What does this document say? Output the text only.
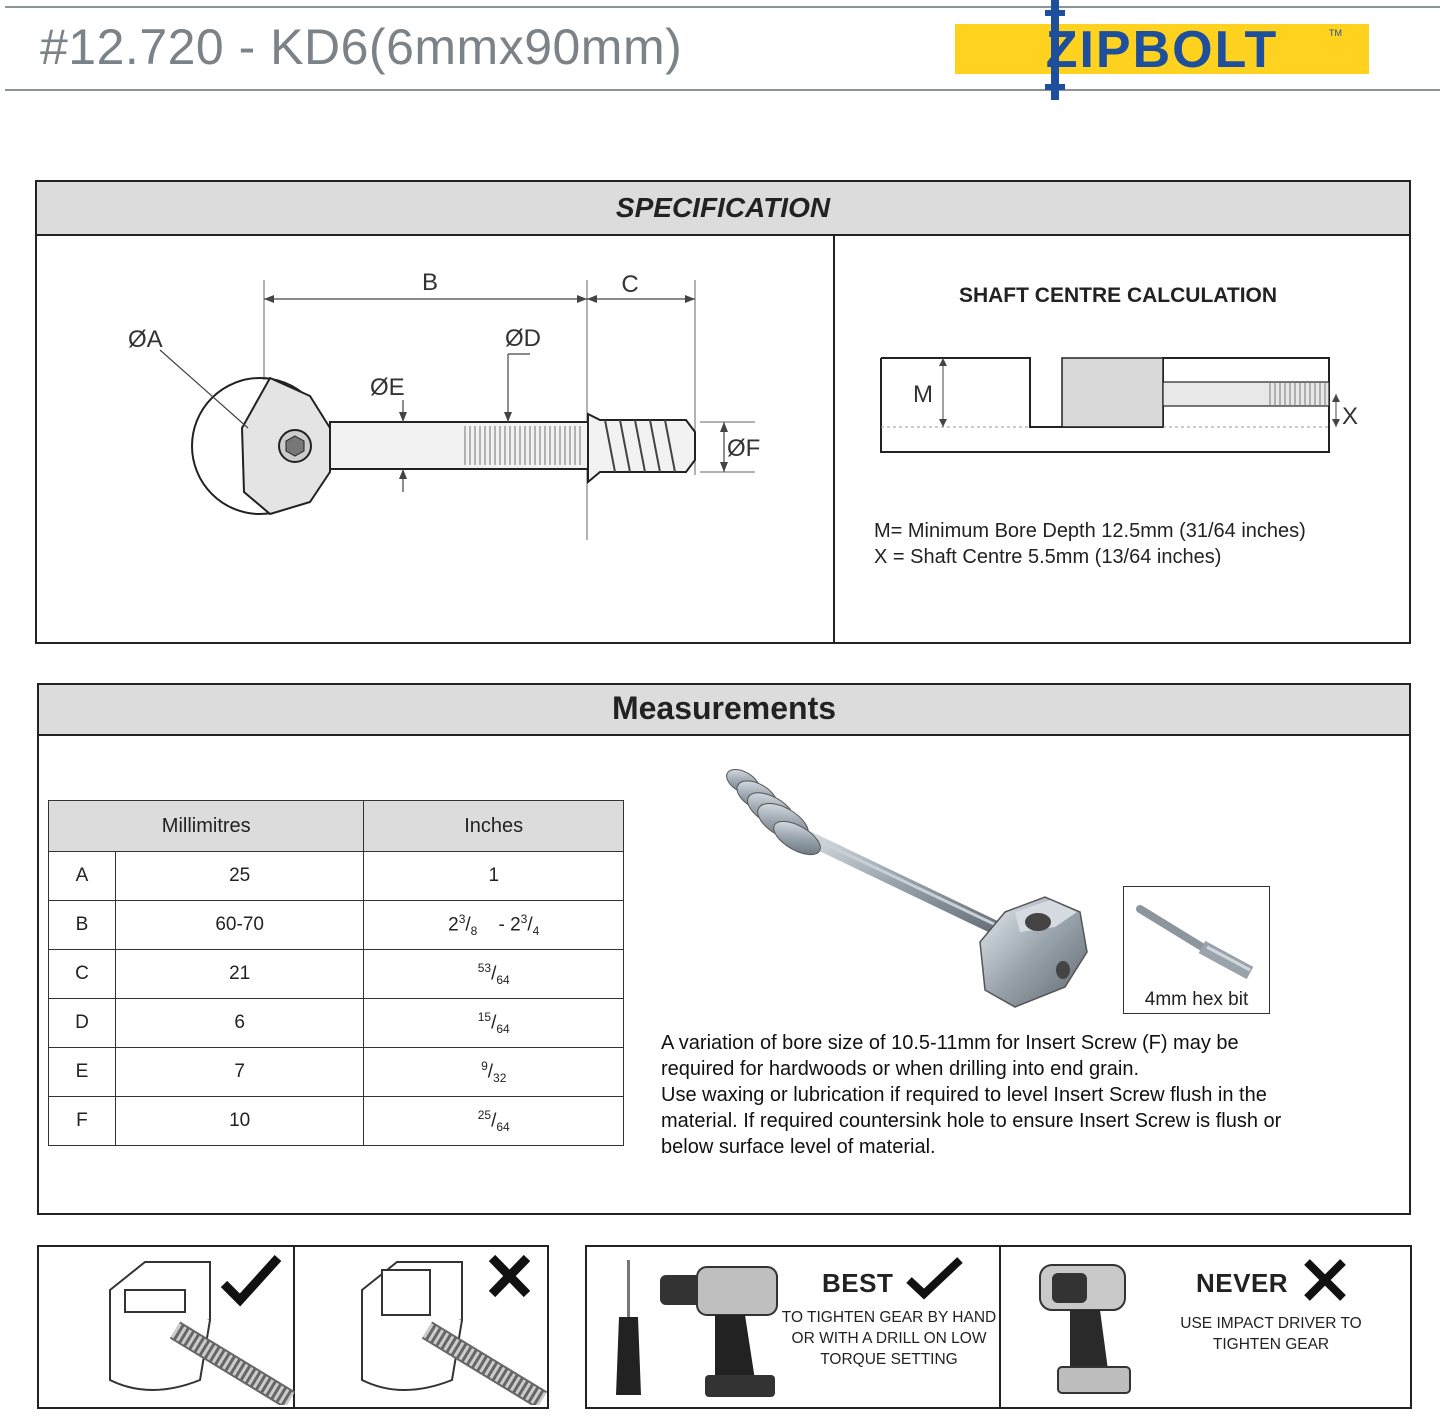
#12.720 - KD6(6mmx90mm)	ZIPBOLT	TM
SPECIFICATION
B	C
ØA	ØD
ØE
ØF
SHAFT CENTRE CALCULATION
M
X
M= Minimum Bore Depth 12.5mm (31/64 inches)
X = Shaft Centre 5.5mm (13/64 inches)
Measurements
Millimitres		Inches
A	25	1
B	60-70	$2^3/_8 - 2^3/_4$
C	21	$^{53}/_{64}$
D	6	$^{15}/_{64}$
E	7	$^9/_{32}$
F	10	$^{25}/_{64}$
4mm hex bit
A variation of bore size of 10.5-11mm for Insert Screw (F) may be
required for hardwoods or when drilling into end grain.
Use waxing or lubrication if required to level Insert Screw flush in the
material. If required countersink hole to ensure Insert Screw is flush or
below surface level of material.
BEST
TO TIGHTEN GEAR BY HAND
OR WITH A DRILL ON LOW
TORQUE SETTING
NEVER
USE IMPACT DRIVER TO
TIGHTEN GEAR
